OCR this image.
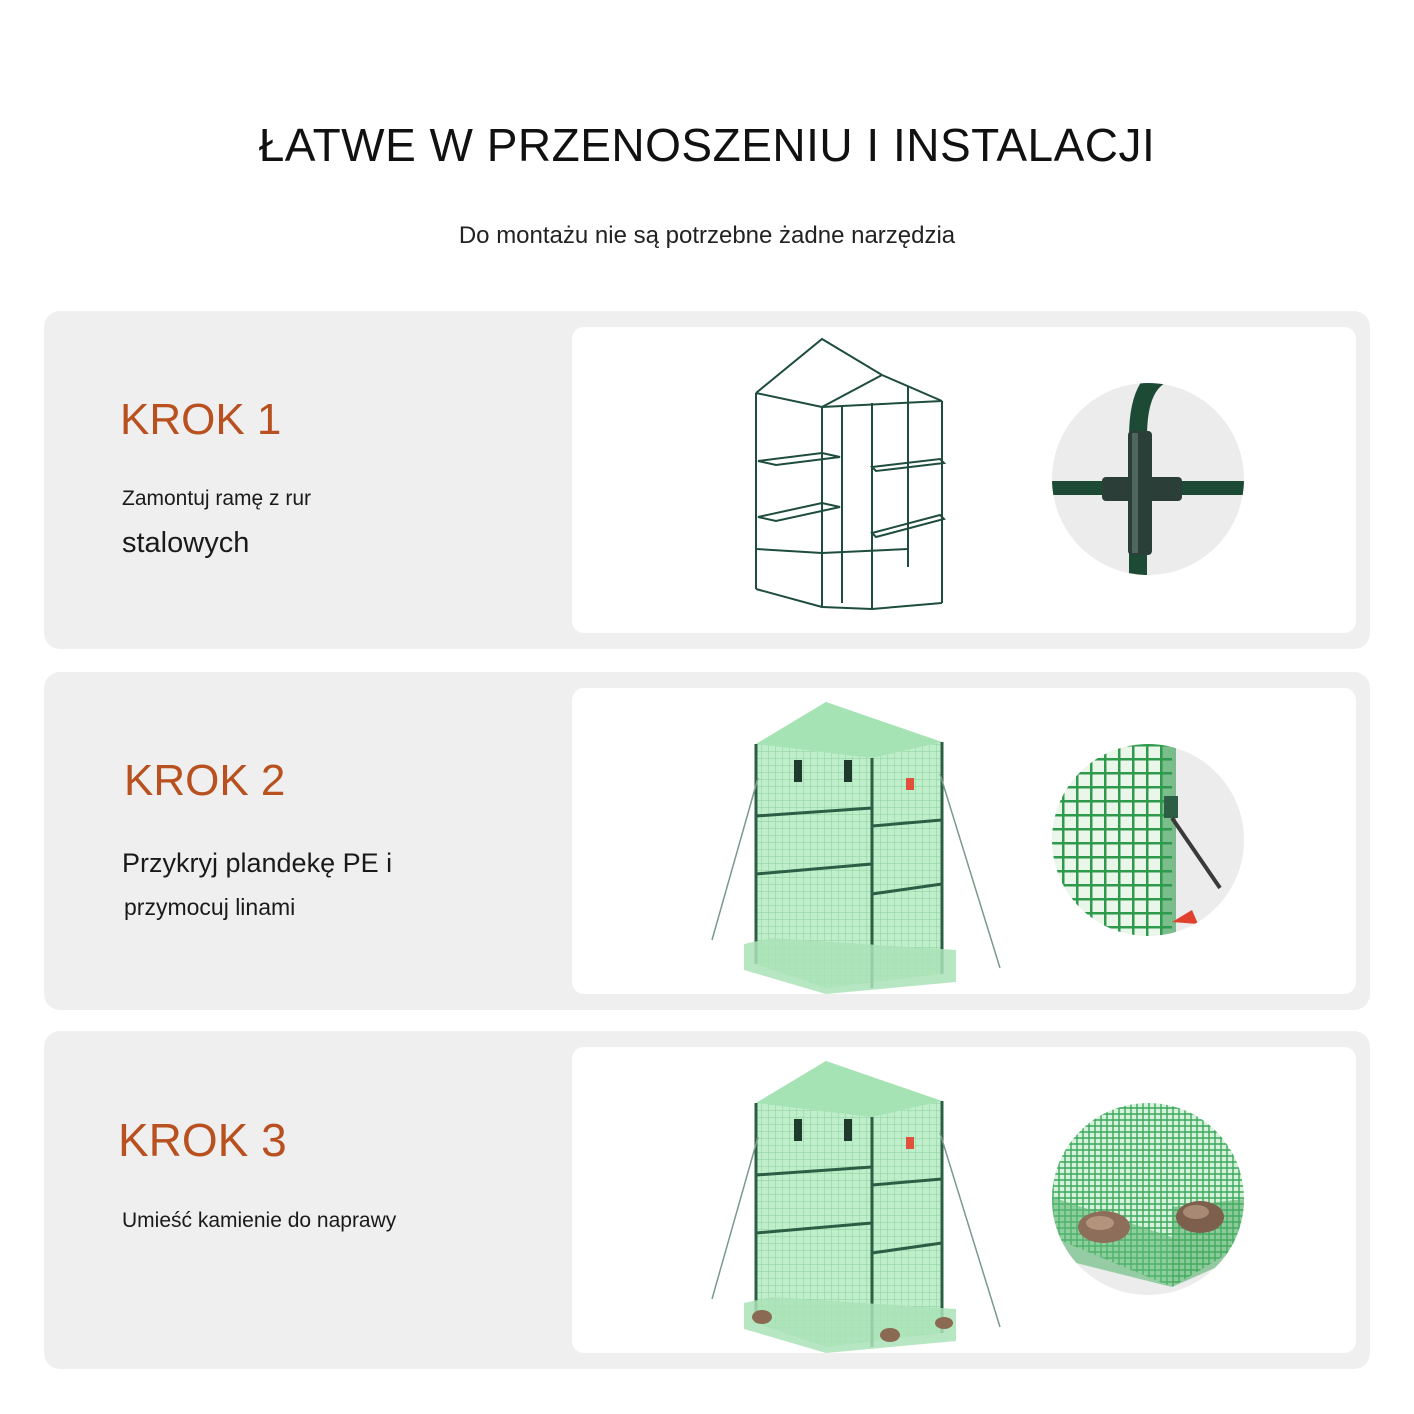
ŁATWE W PRZENOSZENIU I INSTALACJI
Do montażu nie są potrzebne żadne narzędzia
KROK 1
Zamontuj ramę z rur
stalowych
KROK 2
Przykryj plandekę PE i
przymocuj linami
KROK 3
Umieść kamienie do naprawy
